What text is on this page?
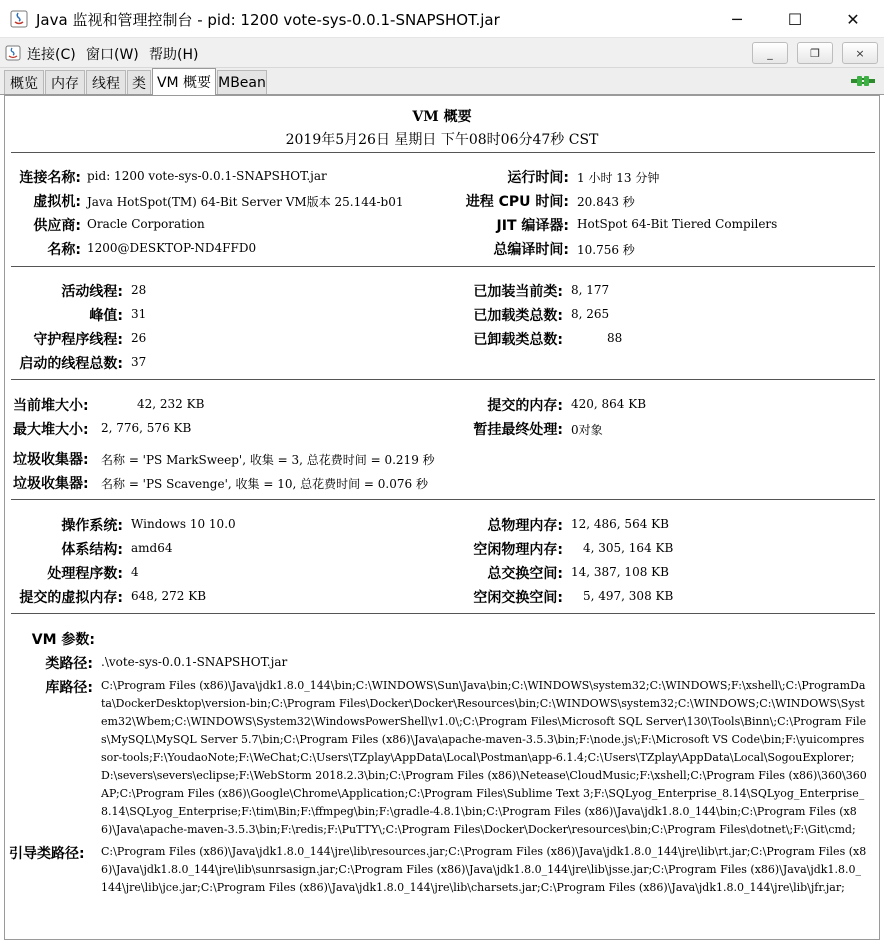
Java 监视和管理控制台 - pid: 1200 vote-sys-0.0.1-SNAPSHOT.jar	─	☐	✕
连接(C) 窗口(W) 帮助(H)	_	❐	×
概览 内存 线程 类 VM 概要 MBean
VM 概要
2019年5月26日 星期日 下午08时06分47秒 CST
连接名称: pid: 1200 vote-sys-0.0.1-SNAPSHOT.jar
虚拟机: Java HotSpot(TM) 64-Bit Server VM版本 25.144-b01
供应商: Oracle Corporation
名称: 1200@DESKTOP-ND4FFD0
运行时间: 1 小时 13 分钟
进程 CPU 时间: 20.843 秒
JIT 编译器: HotSpot 64-Bit Tiered Compilers
总编译时间: 10.756 秒
活动线程: 28
峰值: 31
守护程序线程: 26
启动的线程总数: 37
已加装当前类: 8, 177
已加载类总数: 8, 265
已卸载类总数:	88
当前堆大小:	42, 232 KB
最大堆大小:	2, 776, 576 KB
提交的内存: 420, 864 KB
暂挂最终处理: 0对象
垃圾收集器:	名称 = 'PS MarkSweep', 收集 = 3, 总花费时间 = 0.219 秒
垃圾收集器:	名称 = 'PS Scavenge', 收集 = 10, 总花费时间 = 0.076 秒
操作系统: Windows 10 10.0
体系结构: amd64
处理程序数: 4
提交的虚拟内存: 648, 272 KB
总物理内存: 12, 486, 564 KB
空闲物理内存: 4, 305, 164 KB
总交换空间: 14, 387, 108 KB
空闲交换空间: 5, 497, 308 KB
VM 参数:
类路径: .\vote-sys-0.0.1-SNAPSHOT.jar
库路径: C:\Program Files (x86)\Java\jdk1.8.0_144\bin;C:\WINDOWS\Sun\Java\bin;C:\WINDOWS\system32;C:\WINDOWS;F:\xshell\;C:\ProgramData\DockerDesktop\version-bin;C:\Program Files\Docker\Docker\Resources\bin;C:\WINDOWS\system32;C:\WINDOWS;C:\WINDOWS\System32\Wbem;C:\WINDOWS\System32\WindowsPowerShell\v1.0\;C:\Program Files\Microsoft SQL Server\130\Tools\Binn\;C:\Program Files\MySQL\MySQL Server 5.7\bin;C:\Program Files (x86)\Java\apache-maven-3.5.3\bin;F:\node.js\;F:\Microsoft VS Code\bin;F:\yuicompressor-tools;F:\YoudaoNote;F:\WeChat;C:\Users\TZplay\AppData\Local\Postman\app-6.1.4;C:\Users\TZplay\AppData\Local\SogouExplorer;D:\severs\severs\eclipse;F:\WebStorm 2018.2.3\bin;C:\Program Files (x86)\Netease\CloudMusic;F:\xshell;C:\Program Files (x86)\360\360AP;C:\Program Files (x86)\Google\Chrome\Application;C:\Program Files\Sublime Text 3;F:\SQLyog_Enterprise_8.14\SQLyog_Enterprise_8.14\SQLyog_Enterprise;F:\tim\Bin;F:\ffmpeg\bin;F:\gradle-4.8.1\bin;C:\Program Files (x86)\Java\jdk1.8.0_144\bin;C:\Program Files (x86)\Java\apache-maven-3.5.3\bin;F:\redis;F:\PuTTY\;C:\Program Files\Docker\Docker\resources\bin;C:\Program Files\dotnet\;F:\Git\cmd;
引导类路径:	C:\Program Files (x86)\Java\jdk1.8.0_144\jre\lib\resources.jar;C:\Program Files (x86)\Java\jdk1.8.0_144\jre\lib\rt.jar;C:\Program Files (x86)\Java\jdk1.8.0_144\jre\lib\sunrsasign.jar;C:\Program Files (x86)\Java\jdk1.8.0_144\jre\lib\jsse.jar;C:\Program Files (x86)\Java\jdk1.8.0_144\jre\lib\jce.jar;C:\Program Files (x86)\Java\jdk1.8.0_144\jre\lib\charsets.jar;C:\Program Files (x86)\Java\jdk1.8.0_144\jre\lib\jfr.jar;
